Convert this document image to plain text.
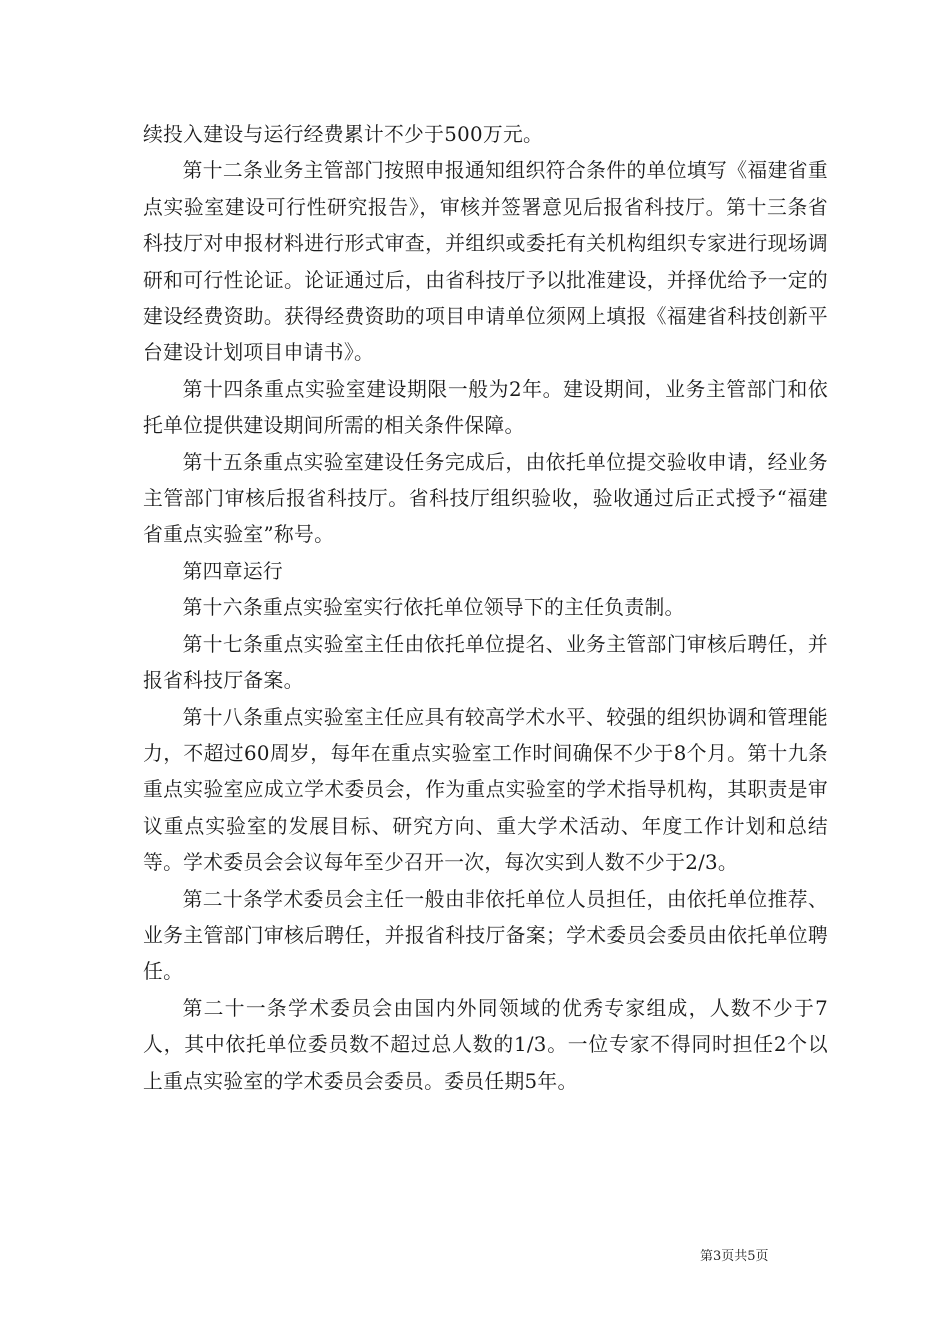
续投入建设与运行经费累计不少于500万元。

第十二条业务主管部门按照申报通知组织符合条件的单位填写《福建省重点实验室建设可行性研究报告》，审核并签署意见后报省科技厅。第十三条省科技厅对申报材料进行形式审查，并组织或委托有关机构组织专家进行现场调研和可行性论证。论证通过后，由省科技厅予以批准建设，并择优给予一定的建设经费资助。获得经费资助的项目申请单位须网上填报《福建省科技创新平台建设计划项目申请书》。

第十四条重点实验室建设期限一般为2年。建设期间，业务主管部门和依托单位提供建设期间所需的相关条件保障。

第十五条重点实验室建设任务完成后，由依托单位提交验收申请，经业务主管部门审核后报省科技厅。省科技厅组织验收，验收通过后正式授予“福建省重点实验室”称号。

第四章运行

第十六条重点实验室实行依托单位领导下的主任负责制。

第十七条重点实验室主任由依托单位提名、业务主管部门审核后聘任，并报省科技厅备案。

第十八条重点实验室主任应具有较高学术水平、较强的组织协调和管理能力，不超过60周岁，每年在重点实验室工作时间确保不少于8个月。第十九条重点实验室应成立学术委员会，作为重点实验室的学术指导机构，其职责是审议重点实验室的发展目标、研究方向、重大学术活动、年度工作计划和总结等。学术委员会会议每年至少召开一次，每次实到人数不少于2/3。

第二十条学术委员会主任一般由非依托单位人员担任，由依托单位推荐、业务主管部门审核后聘任，并报省科技厅备案；学术委员会委员由依托单位聘任。

第二十一条学术委员会由国内外同领域的优秀专家组成，人数不少于7人，其中依托单位委员数不超过总人数的1/3。一位专家不得同时担任2个以上重点实验室的学术委员会委员。委员任期5年。

第3页共5页
